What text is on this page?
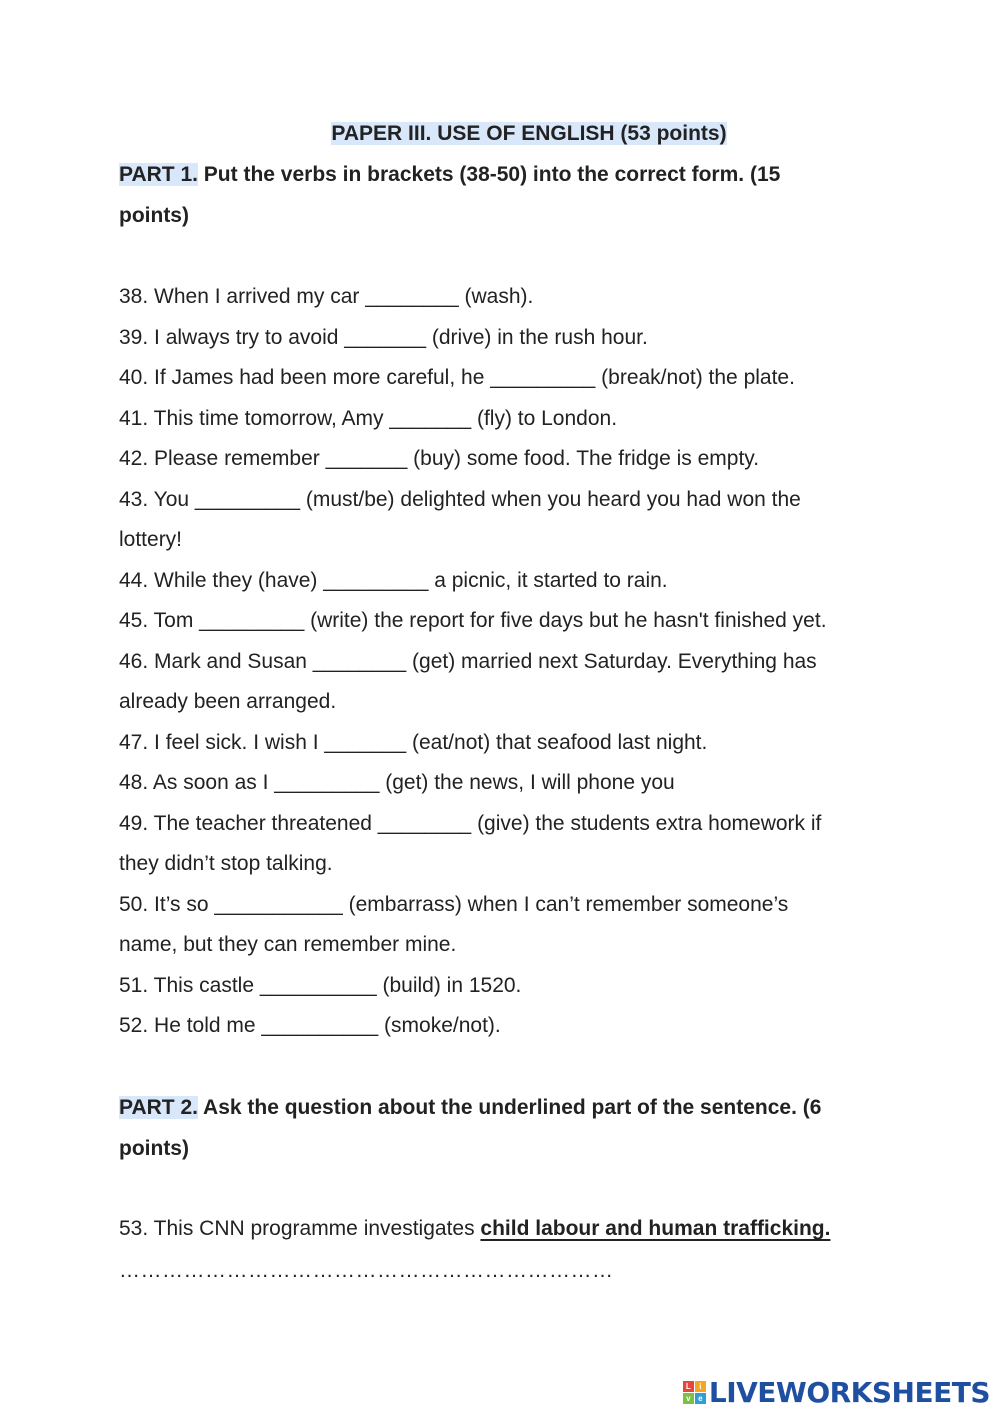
PAPER III. USE OF ENGLISH (53 points)
PART 1. Put the verbs in brackets (38-50) into the correct form. (15
points)
38. When I arrived my car ________ (wash).
39. I always try to avoid _______ (drive) in the rush hour.
40. If James had been more careful, he _________ (break/not) the plate.
41. This time tomorrow, Amy _______ (fly) to London.
42. Please remember _______ (buy) some food. The fridge is empty.
43. You _________ (must/be) delighted when you heard you had won the
lottery!
44. While they (have) _________ a picnic, it started to rain.
45. Tom _________ (write) the report for five days but he hasn't finished yet.
46. Mark and Susan ________ (get) married next Saturday. Everything has
already been arranged.
47. I feel sick. I wish I _______ (eat/not) that seafood last night.
48. As soon as I _________ (get) the news, I will phone you
49. The teacher threatened ________ (give) the students extra homework if
they didn’t stop talking.
50. It’s so ___________ (embarrass) when I can’t remember someone’s
name, but they can remember mine.
51. This castle __________ (build) in 1520.
52. He told me __________ (smoke/not).
PART 2. Ask the question about the underlined part of the sentence. (6
points)
53. This CNN programme investigates child labour and human trafficking.
……………………………………………………………
L	i
v e LIVEWORKSHEETS
